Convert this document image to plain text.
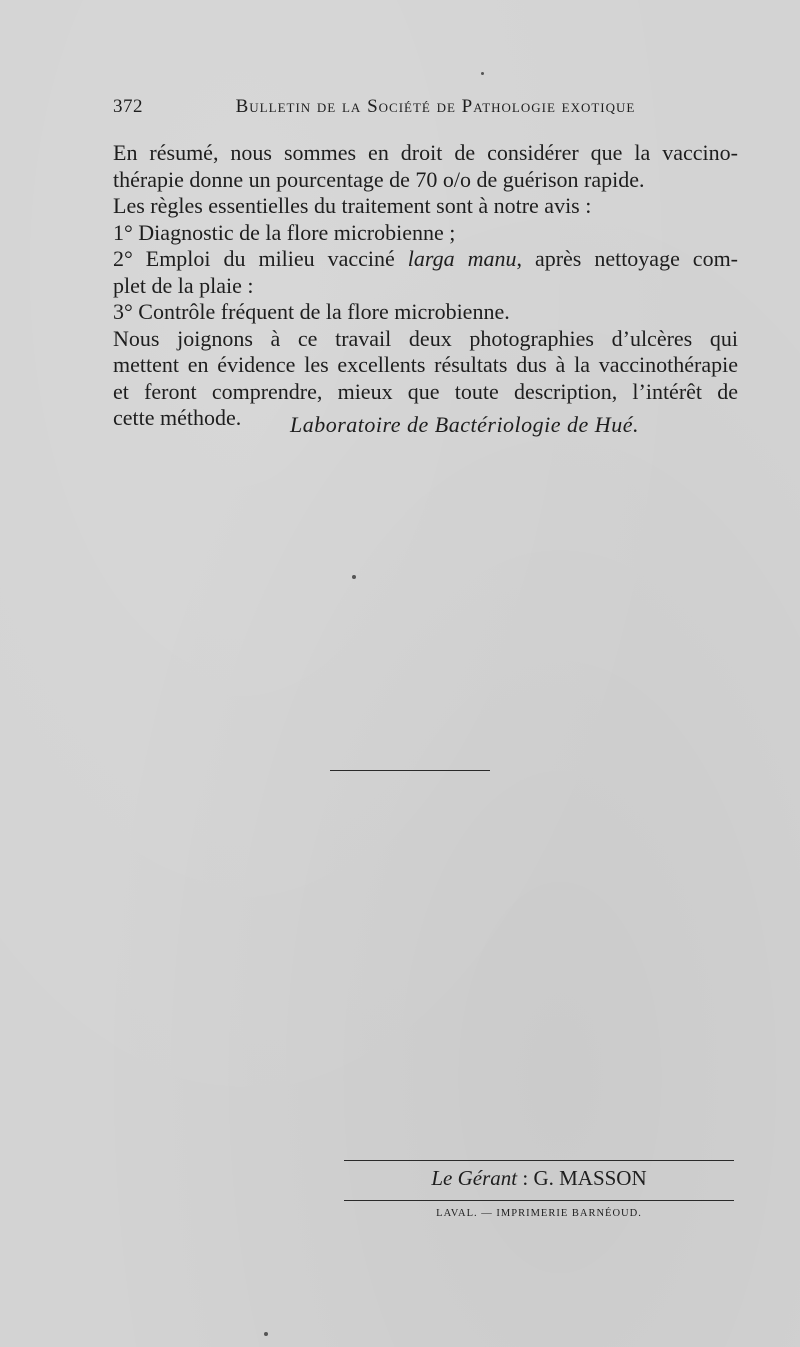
372	Bulletin de la Société de Pathologie exotique
En résumé, nous sommes en droit de considérer que la vaccino-
thérapie donne un pourcentage de 70 o/o de guérison rapide.
Les règles essentielles du traitement sont à notre avis :
1° Diagnostic de la flore microbienne ;
2° Emploi du milieu vacciné larga manu, après nettoyage com-
plet de la plaie :
3° Contrôle fréquent de la flore microbienne.
Nous joignons à ce travail deux photographies d’ulcères qui
mettent en évidence les excellents résultats dus à la vaccinothérapie
et feront comprendre, mieux que toute description, l’intérêt de
cette méthode.	Laboratoire de Bactériologie de Hué.
Le Gérant : G. MASSON
LAVAL. — IMPRIMERIE BARNÉOUD.
